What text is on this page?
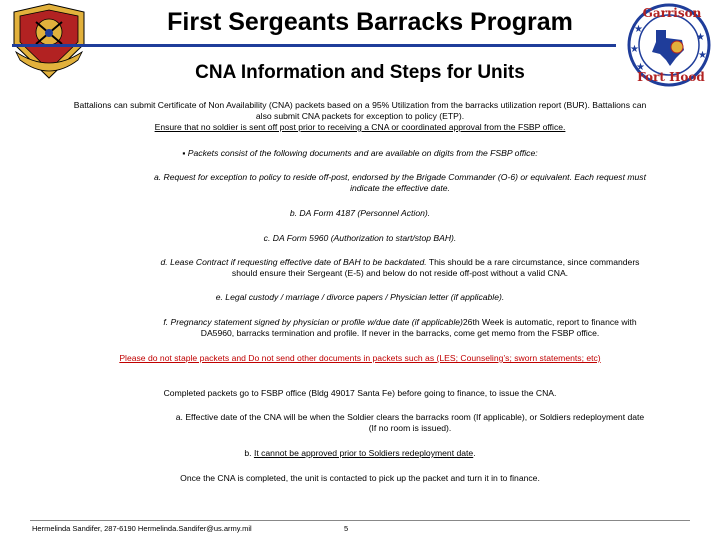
★
★
★
★
★
Garrison
Fort Hood
First Sergeants Barracks Program
CNA Information and Steps for Units
Battalions can submit Certificate of Non Availability (CNA) packets based on a 95% Utilization from the barracks utilization report (BUR). Battalions can
also submit CNA packets for exception to policy (ETP).
Ensure that no soldier is sent off post prior to receiving a CNA or coordinated approval from the FSBP office.
▪ Packets consist of the following documents and are available on digits from the FSBP office:
a. Request for exception to policy to reside off-post, endorsed by the Brigade Commander (O-6) or equivalent. Each request must
indicate the effective date.
b. DA Form 4187 (Personnel Action).
c. DA Form 5960 (Authorization to start/stop BAH).
d. Lease Contract if requesting effective date of BAH to be backdated. This should be a rare circumstance, since commanders
should ensure their Sergeant (E-5) and below do not reside off-post without a valid CNA.
e. Legal custody / marriage / divorce papers / Physician letter (if applicable).
f. Pregnancy statement signed by physician or profile w/due date (if applicable)26th Week is automatic, report to finance with
DA5960, barracks termination and profile. If never in the barracks, come get memo from the FSBP office.
Please do not staple packets and Do not send other documents in packets such as (LES; Counseling’s; sworn statements; etc)
Completed packets go to FSBP office (Bldg 49017 Santa Fe) before going to finance, to issue the CNA.
a. Effective date of the CNA will be when the Soldier clears the barracks room (If applicable), or Soldiers redeployment date
(If no room is issued).
b. It cannot be approved prior to Soldiers redeployment date.
Once the CNA is completed, the unit is contacted to pick up the packet and turn it in to finance.
Hermelinda Sandifer, 287-6190 Hermelinda.Sandifer@us.army.mil	5
